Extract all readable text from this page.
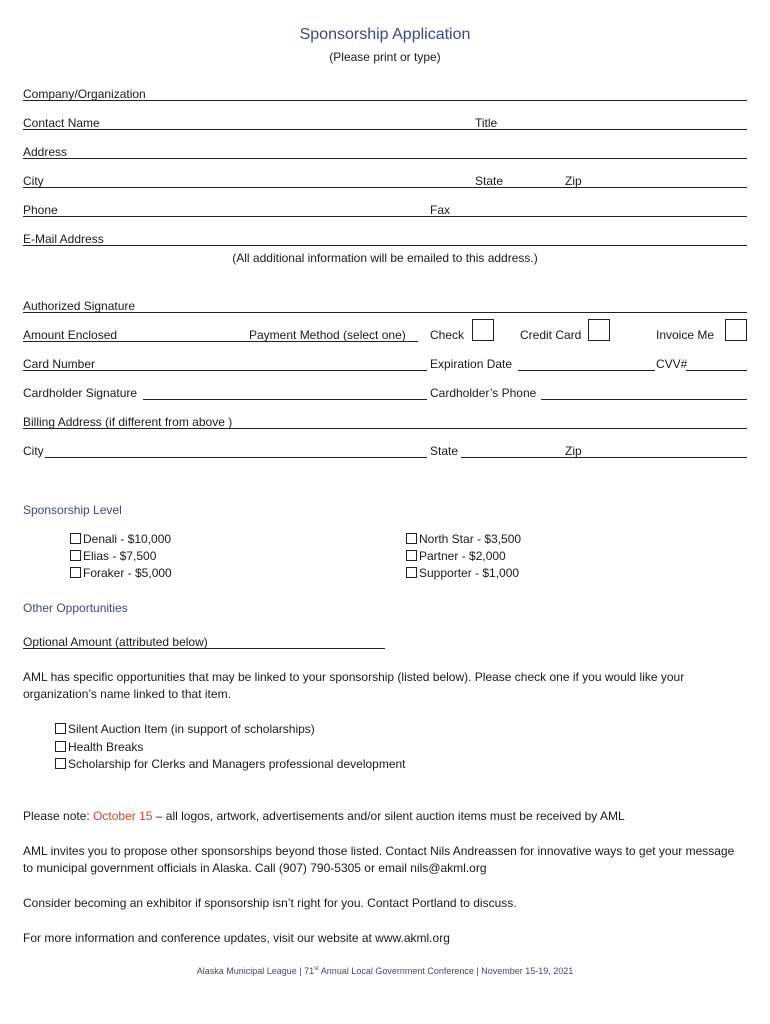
Sponsorship Application
(Please print or type)
Company/Organization
Contact Name	Title
Address
City	State	Zip
Phone	Fax
E-Mail Address
(All additional information will be emailed to this address.)
Authorized Signature
Amount Enclosed	Payment Method (select one) Check	Credit Card	Invoice Me
Card Number	Expiration Date	CVV#
Cardholder Signature	Cardholder’s Phone
Billing Address (if different from above )
City	State	Zip
Sponsorship Level
Denali - $10,000
Elias - $7,500
Foraker - $5,000
North Star - $3,500
Partner - $2,000
Supporter - $1,000
Other Opportunities
Optional Amount (attributed below)
AML has specific opportunities that may be linked to your sponsorship (listed below). Please check one if you would like your organization’s name linked to that item.
Silent Auction Item (in support of scholarships)
Health Breaks
Scholarship for Clerks and Managers professional development
Please note: October 15 – all logos, artwork, advertisements and/or silent auction items must be received by AML
AML invites you to propose other sponsorships beyond those listed. Contact Nils Andreassen for innovative ways to get your message to municipal government officials in Alaska. Call (907) 790-5305 or email nils@akml.org
Consider becoming an exhibitor if sponsorship isn’t right for you. Contact Portland to discuss.
For more information and conference updates, visit our website at www.akml.org
Alaska Municipal League | 71st Annual Local Government Conference | November 15-19, 2021
